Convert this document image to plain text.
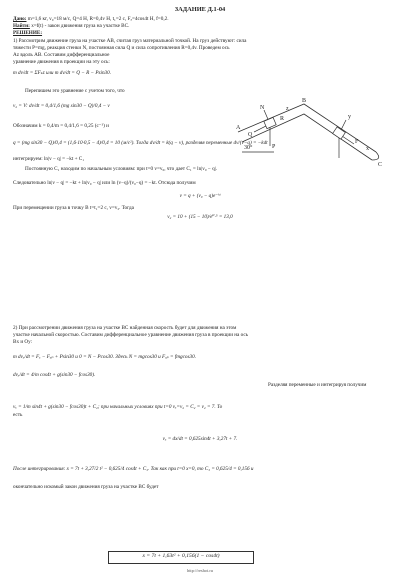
ЗАДАНИЕ Д.1-04
Дано: m=1,6 кг, v₀=18 м/с, Q=4 Н, R=0,4v Н, t₁=2 с, Fₓ=4cos4t Н, f=0,2.
Найти: x=f(t) - закон движения груза на участке BC.
РЕШЕНИЕ:
1) Рассмотрим движение груза на участке AB, считая груз материальной точкой. На груз действуют: сила
тяжести P=mg, реакция стенки N, постоянная сила Q и сила сопротивления R=0,4v. Проведем ось
Az вдоль AB. Составим дифференциальное
уравнение движения в проекции на эту ось:
m dv/dt = ΣFₖz или m dv/dt = Q − R − Psin30.
Перепишем это уравнение с учетом того, что
v₂ = V: dv/dt = 0,4/1,6 (mg sin30 − Q)/0,4 − v
Обозначим k = 0,4/m = 0,4/1,6 = 0,25 (с⁻¹) и
q = (mg sin30 − Q)/0,4 = (1,6·10·0,5 − 4)/0,4 = 10 (м/с²). Тогда dv/dt = k(q − v), разделяя переменные dv/(v−q) = −kdt
интегрируем: ln|v − q| = −kt + C₁
Постоянную C₁ находим по начальным условиям: при t=0 v=v₀, что дает C₁ = ln|v₀ − q|.
Следовательно ln|v − q| = −kt + ln|v₀ − q| или ln (v−q)/(v₀−q) = −kt. Отсюда получим
v = q + (v₀ − q)e⁻ᵏᵗ
При перемещении груза в точку B t=t₁=2 с, v=v₂. Тогда
v₂ = 10 + (15 − 10)/e⁰·⁵ = 13,0
A
B
C
Q
P
N
R
F
30°
y
x
z
2) При рассмотрении движения груза на участке BC найденная скорость будет для движения на этом
участке начальной скоростью. Составим дифференциальное уравнение движения груза в проекции на ось
Bx и Oy:
m dvₓ/dt = Fₓ − Fᵤₚ + Psin30 и 0 = N − Pcos30. Здесь N = mgcos30 и Fᵤₚ = fmgcos30.
dvₓ/dt = 4/m cos4t + g(sin30 − fcos30).
Разделяя переменные и интегрируя получим
vₓ = 1/m sin4t + g(sin30 − fcos30)t + C₂; при начальных условиях при t=0 vₓ=v₂ = C₂ = v₂ = 7. То
есть
vₓ = dx/dt = 0,625sin4t + 3,27t + 7.
После интегрирования: x = 7t + 3,27/2 t² − 0,625/4 cos4t + C₃. Так как при t=0 x=0, то C₃ = 0,625/4 = 0,156 и
окончательно искомый закон движения груза на участке BC будет
x = 7t + 1,63t² + 0,156(1 − cos4t)
http://reshot.ru
